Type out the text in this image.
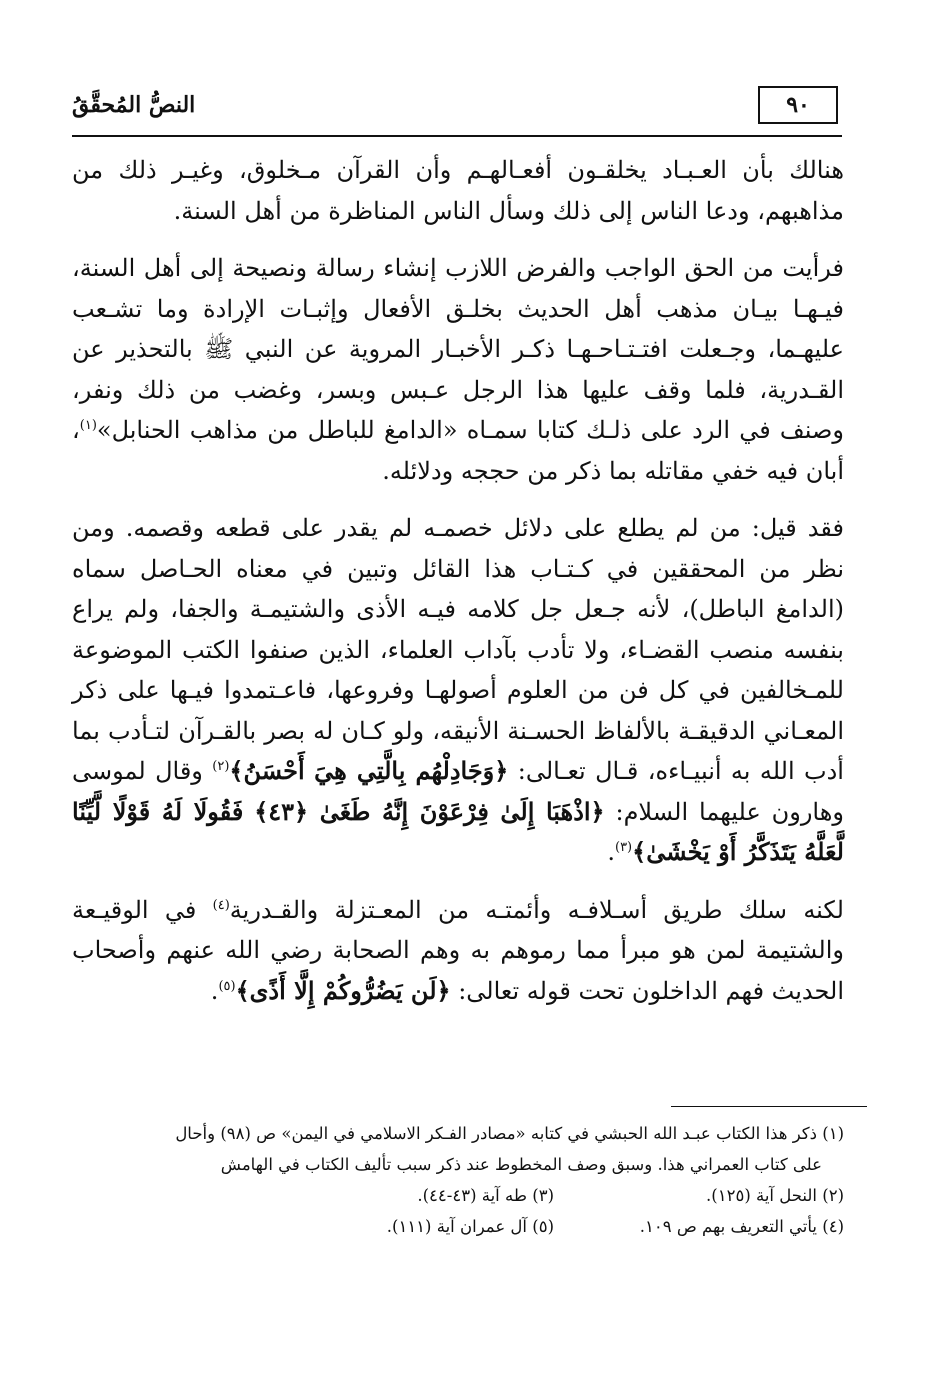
٩٠
النصُّ المُحقَّقُ

هنالك بأن العـبـاد يخلقـون أفعـالهـم وأن القرآن مـخلوق، وغيـر ذلك من مذاهبهم، ودعا الناس إلى ذلك وسأل الناس المناظرة من أهل السنة.

فرأيت من الحق الواجب والفرض اللازب إنشاء رسالة ونصيحة إلى أهل السنة، فيـهـا بيـان مذهب أهل الحديث بخلـق الأفعال وإثبـات الإرادة وما تشـعب عليهـما، وجـعلت افتـتـاحـهـا ذكـر الأخبـار المروية عن النبي ﷺ بالتحذير عن القـدرية، فلما وقف عليها هذا الرجل عـبس وبسر، وغضب من ذلك ونفر، وصنف في الرد على ذلـك كتابا سمـاه «الدامغ للباطل من مذاهب الحنابل»$^{(١)}$، أبان فيه خفي مقاتله بما ذكر من حججه ودلائله.

فقد قيل: من لم يطلع على دلائل خصمـه لم يقدر على قطعه وقصمه. ومن نظر من المحققين في كـتـاب هذا القائل وتبين في معناه الحـاصل سماه (الدامغ الباطل)، لأنه جـعل جل كلامه فيـه الأذى والشتيمـة والجفا، ولم يراع بنفسه منصب القضـاء، ولا تأدب بآداب العلماء، الذين صنفوا الكتب الموضوعة للمـخالفين في كل فن من العلوم أصولهـا وفروعها، فاعـتمدوا فيـها على ذكر المعـاني الدقيقـة بالألفاظ الحسـنة الأنيقه، ولو كـان له بصر بالقـرآن لتـأدب بما أدب الله به أنبيـاءه، قـال تعـالى: ﴿وَجَادِلْهُم بِالَّتِي هِيَ أَحْسَنُ﴾$^{(٢)}$ وقال لموسى وهارون عليهما السلام: ﴿اذْهَبَا إِلَىٰ فِرْعَوْنَ إِنَّهُ طَغَىٰ ﴿٤٣﴾ فَقُولَا لَهُ قَوْلًا لَّيِّنًا لَّعَلَّهُ يَتَذَكَّرُ أَوْ يَخْشَىٰ﴾$^{(٣)}$.

لكنه سلك طريق أسـلافـه وأئمتـه من المعـتزلة والقـدرية$^{(٤)}$ في الوقيـعة والشتيمة لمن هو مبرأ مما رموهم به وهم الصحابة رضي الله عنهم وأصحاب الحديث فهم الداخلون تحت قوله تعالى: ﴿لَن يَضُرُّوكُمْ إِلَّا أَذًى﴾$^{(٥)}$.

(١) ذكر هذا الكتاب عبـد الله الحبشي في كتابه «مصادر الفـكر الاسلامي في اليمن» ص (٩٨) وأحال

على كتاب العمراني هذا. وسبق وصف المخطوط عند ذكر سبب تأليف الكتاب في الهامش

(٢) النحل آية (١٢٥).
(٣) طه آية (٤٣-٤٤).
(٤) يأتي التعريف بهم ص ١٠٩.
(٥) آل عمران آية (١١١).
